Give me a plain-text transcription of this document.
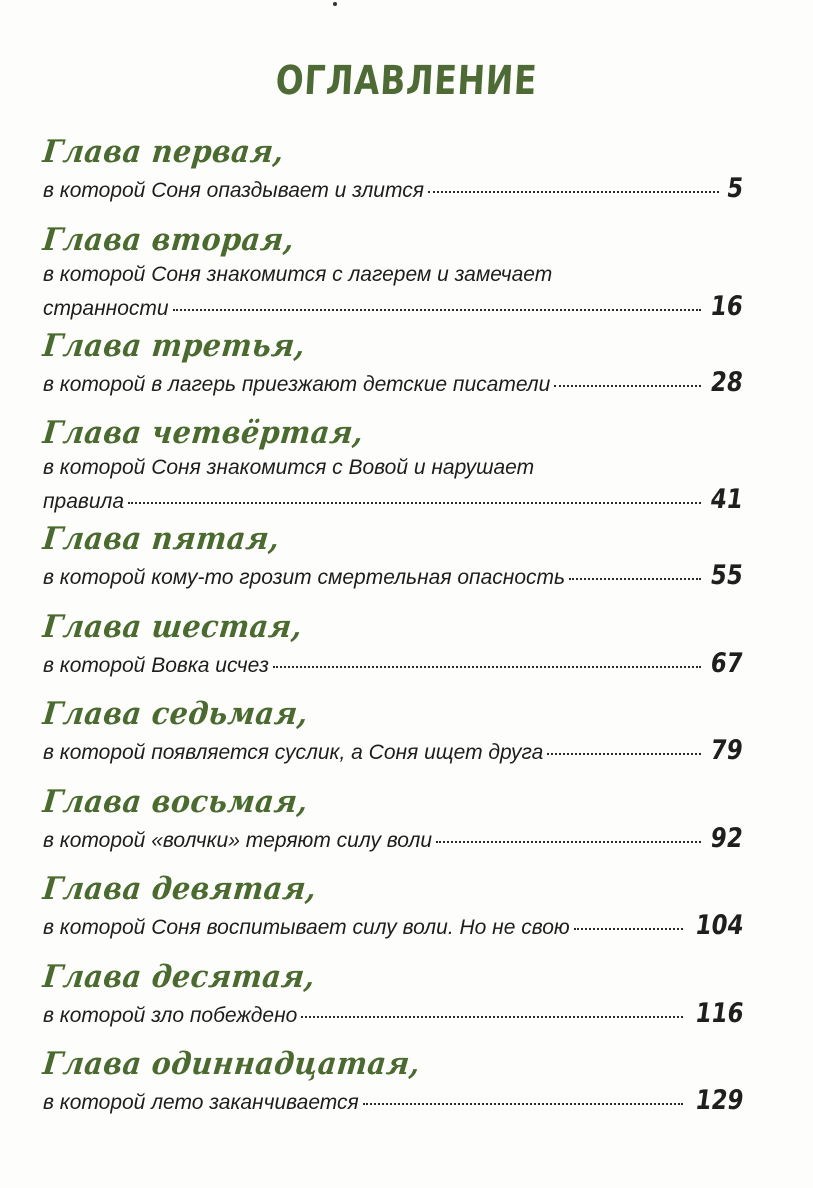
ОГЛАВЛЕНИЕ
Глава первая,
в которой Соня опаздывает и злится	5
Глава вторая,
в которой Соня знакомится с лагерем и замечает
странности	16
Глава третья,
в которой в лагерь приезжают детские писатели	28
Глава четвёртая,
в которой Соня знакомится с Вовой и нарушает
правила	41
Глава пятая,
в которой кому-то грозит смертельная опасность	55
Глава шестая,
в которой Вовка исчез	67
Глава седьмая,
в которой появляется суслик, а Соня ищет друга	79
Глава восьмая,
в которой «волчки» теряют силу воли	92
Глава девятая,
в которой Соня воспитывает силу воли. Но не свою	104
Глава десятая,
в которой зло побеждено	116
Глава одиннадцатая,
в которой лето заканчивается	129
